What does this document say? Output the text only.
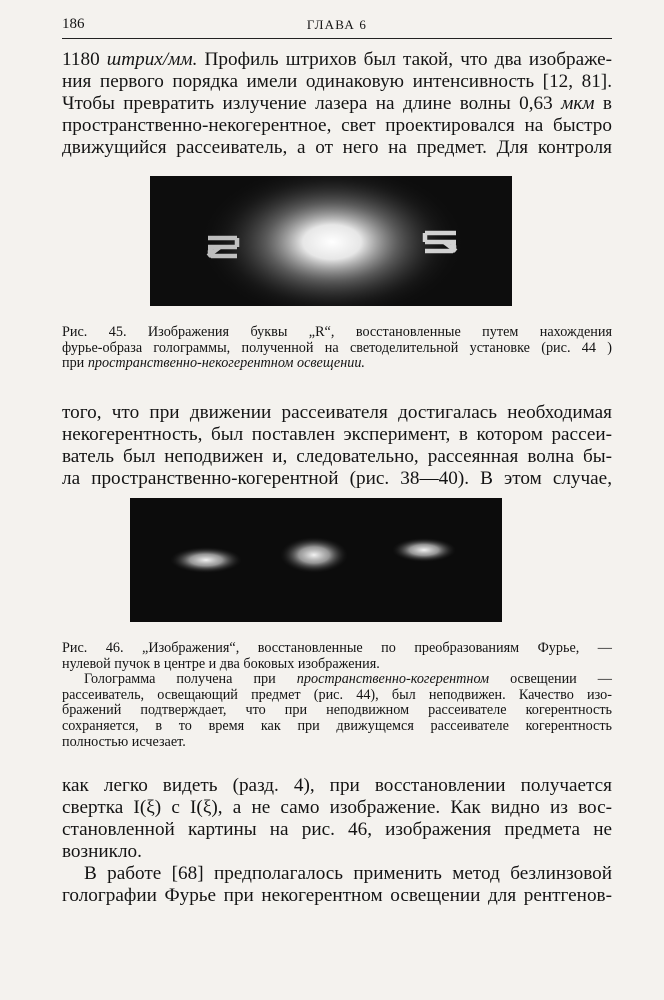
186	ГЛАВА 6
1180 штрих/мм. Профиль штрихов был такой, что два изображе-
ния первого порядка имели одинаковую интенсивность [12, 81].
Чтобы превратить излучение лазера на длине волны 0,63 мкм в
пространственно-некогерентное, свет проектировался на быстро
движущийся рассеиватель, а от него на предмет. Для контроля
Рис. 45. Изображения буквы „R“, восстановленные путем нахождения
фурье-образа голограммы, полученной на светоделительной установке (рис. 44 )
при пространственно-некогерентном освещении.
того, что при движении рассеивателя достигалась необходимая
некогерентность, был поставлен эксперимент, в котором рассеи-
ватель был неподвижен и, следовательно, рассеянная волна бы-
ла пространственно-когерентной (рис. 38—40). В этом случае,
Рис. 46. „Изображения“, восстановленные по преобразованиям Фурье, —
нулевой пучок в центре и два боковых изображения.
Голограмма получена при пространственно-когерентном освещении —
рассеиватель, освещающий предмет (рис. 44), был неподвижен. Качество изо-
бражений подтверждает, что при неподвижном рассеивателе когерентность
сохраняется, в то время как при движущемся рассеивателе когерентность
полностью исчезает.
как легко видеть (разд. 4), при восстановлении получается
свертка I(ξ) с I(ξ), а не само изображение. Как видно из вос-
становленной картины на рис. 46, изображения предмета не
возникло.
В работе [68] предполагалось применить метод безлинзовой
голографии Фурье при некогерентном освещении для рентгенов-
